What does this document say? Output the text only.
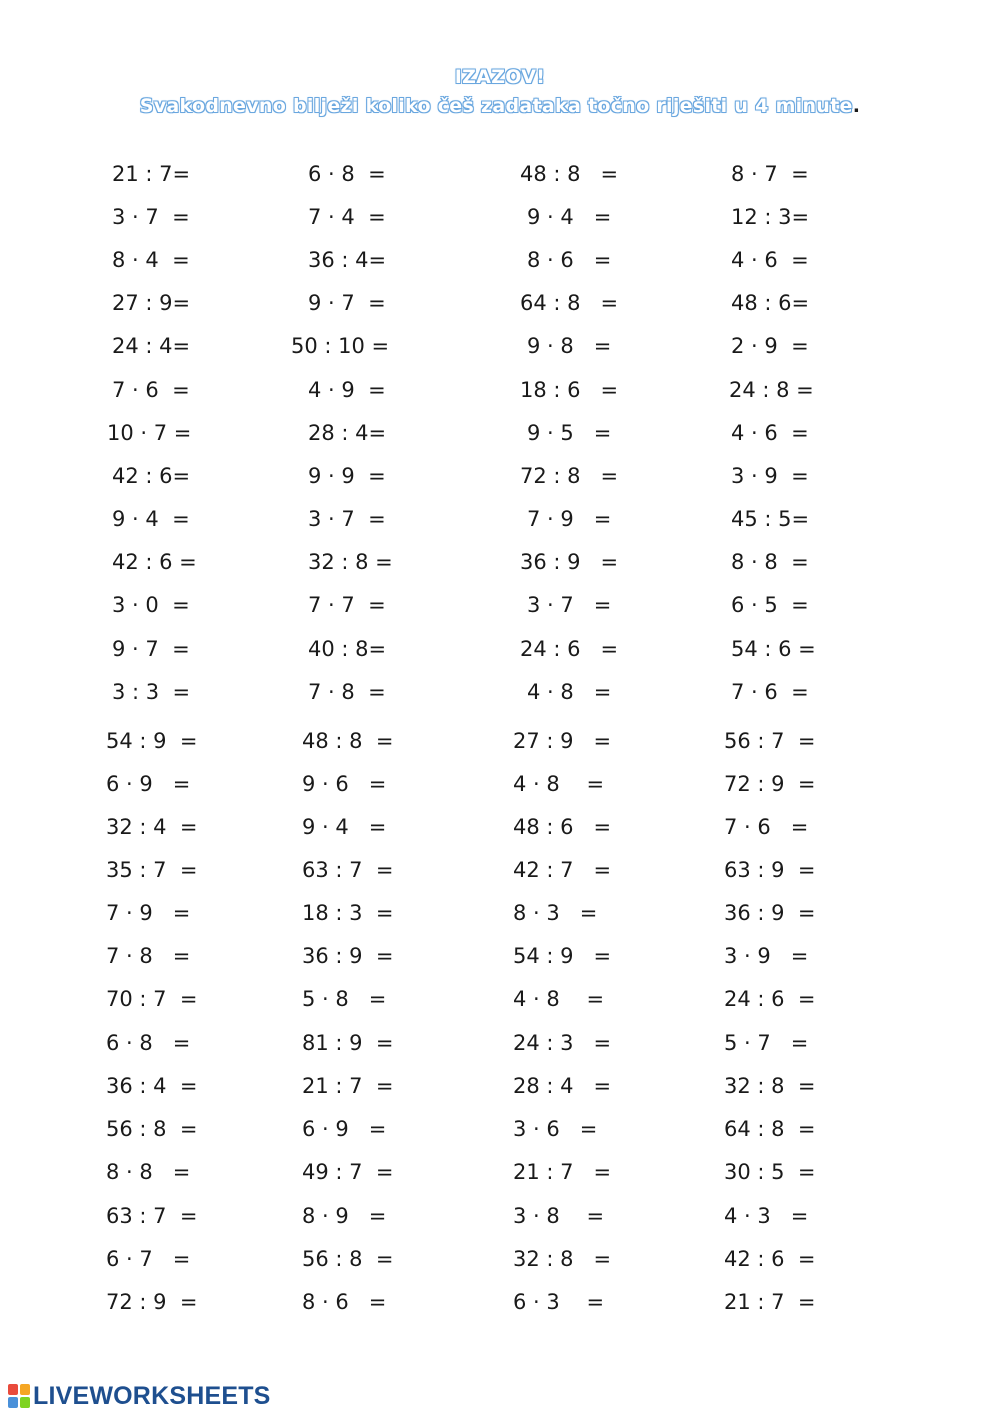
IZAZOV!
Svakodnevno bilježi koliko češ zadataka točno riješiti u 4 minute.
21 : 7=
3 · 7  =
8 · 4  =
27 : 9=
24 : 4=
7 · 6  =
10 · 7 =
42 : 6=
9 · 4  =
42 : 6 =
3 · 0  =
9 · 7  =
3 : 3  =
54 : 9  =
6 · 9   =
32 : 4  =
35 : 7  =
7 · 9   =
7 · 8   =
70 : 7  =
6 · 8   =
36 : 4  =
56 : 8  =
8 · 8   =
63 : 7  =
6 · 7   =
72 : 9  =
6 · 8  =
7 · 4  =
36 : 4=
9 · 7  =
50 : 10 =
4 · 9  =
28 : 4=
9 · 9  =
3 · 7  =
32 : 8 =
7 · 7  =
40 : 8=
7 · 8  =
48 : 8  =
9 · 6   =
9 · 4   =
63 : 7  =
18 : 3  =
36 : 9  =
5 · 8   =
81 : 9  =
21 : 7  =
6 · 9   =
49 : 7  =
8 · 9   =
56 : 8  =
8 · 6   =
48 : 8   =
9 · 4   =
8 · 6   =
64 : 8   =
9 · 8   =
18 : 6   =
9 · 5   =
72 : 8   =
7 · 9   =
36 : 9   =
3 · 7   =
24 : 6   =
4 · 8   =
27 : 9   =
4 · 8    =
48 : 6   =
42 : 7   =
8 · 3   =
54 : 9   =
4 · 8    =
24 : 3   =
28 : 4   =
3 · 6   =
21 : 7   =
3 · 8    =
32 : 8   =
6 · 3    =
8 · 7  =
12 : 3=
4 · 6  =
48 : 6=
2 · 9  =
24 : 8 =
4 · 6  =
3 · 9  =
45 : 5=
8 · 8  =
6 · 5  =
54 : 6 =
7 · 6  =
56 : 7  =
72 : 9  =
7 · 6   =
63 : 9  =
36 : 9  =
3 · 9   =
24 : 6  =
5 · 7   =
32 : 8  =
64 : 8  =
30 : 5  =
4 · 3   =
42 : 6  =
21 : 7  =
LIVEWORKSHEETS
